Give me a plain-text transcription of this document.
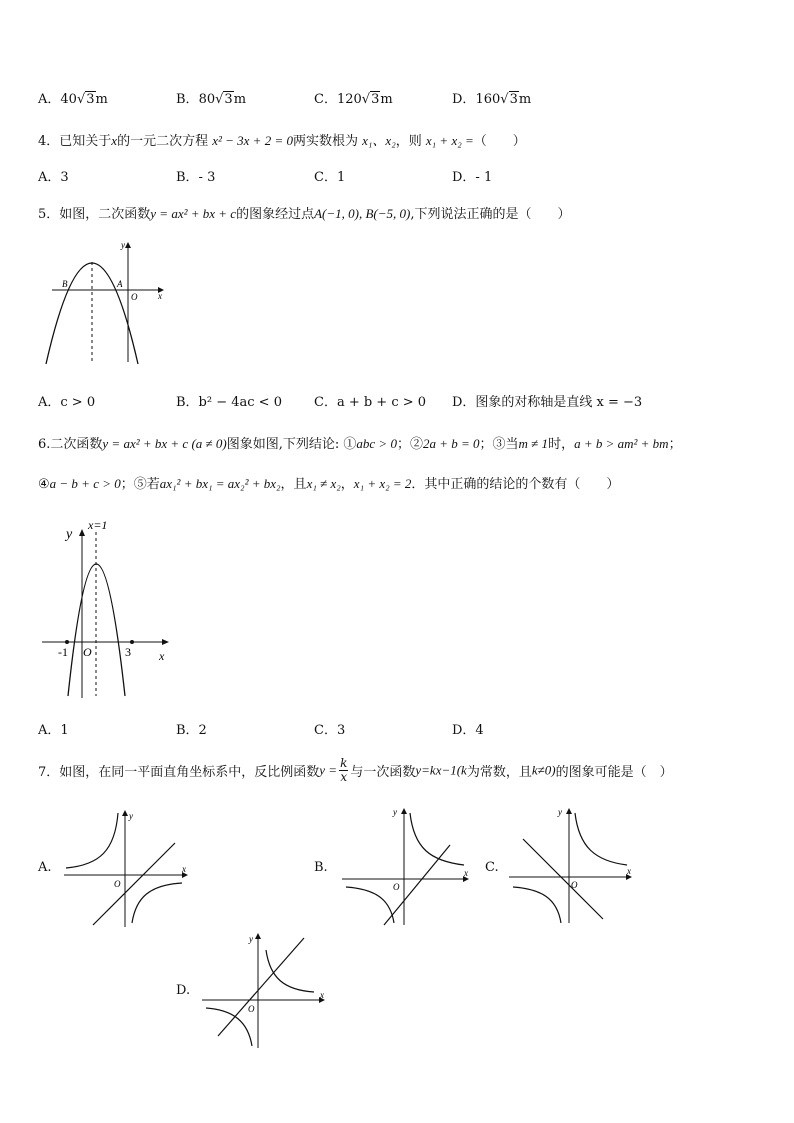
A．40√3m	B．80√3m	C．120√3m	D．160√3m
4．已知关于x的一元二次方程 x² − 3x + 2 = 0两实数根为 x₁、x₂，则 x₁ + x₂ =（　　）
A．3	B．- 3	C．1	D．- 1
5．如图，二次函数y = ax² + bx + c的图象经过点A(−1, 0), B(−5, 0),下列说法正确的是（　　）
y
x
O
A
B
A．c > 0	B．b² − 4ac < 0 C．a + b + c > 0 D．图象的对称轴是直线 x = −3
6.二次函数y = ax² + bx + c (a ≠ 0)图象如图,下列结论: ①abc > 0；②2a + b = 0；③当m ≠ 1时，a + b > am² + bm；
④a − b + c > 0；⑤若ax₁² + bx₁ = ax₂² + bx₂，且x₁ ≠ x₂，x₁ + x₂ = 2．其中正确的结论的个数有（　　）
y
x=1
x
O
-1	3
A．1	B．2	C．3	D．4
7．如图，在同一平面直角坐标系中，反比例函数$y = \frac{k}{x}$ 与一次函数y=kx−1(k为常数，且k≠0)的图象可能是（　）
A.
y
x
O
B.
y
x
O
C.
y
x
O
D.
y
x
O
